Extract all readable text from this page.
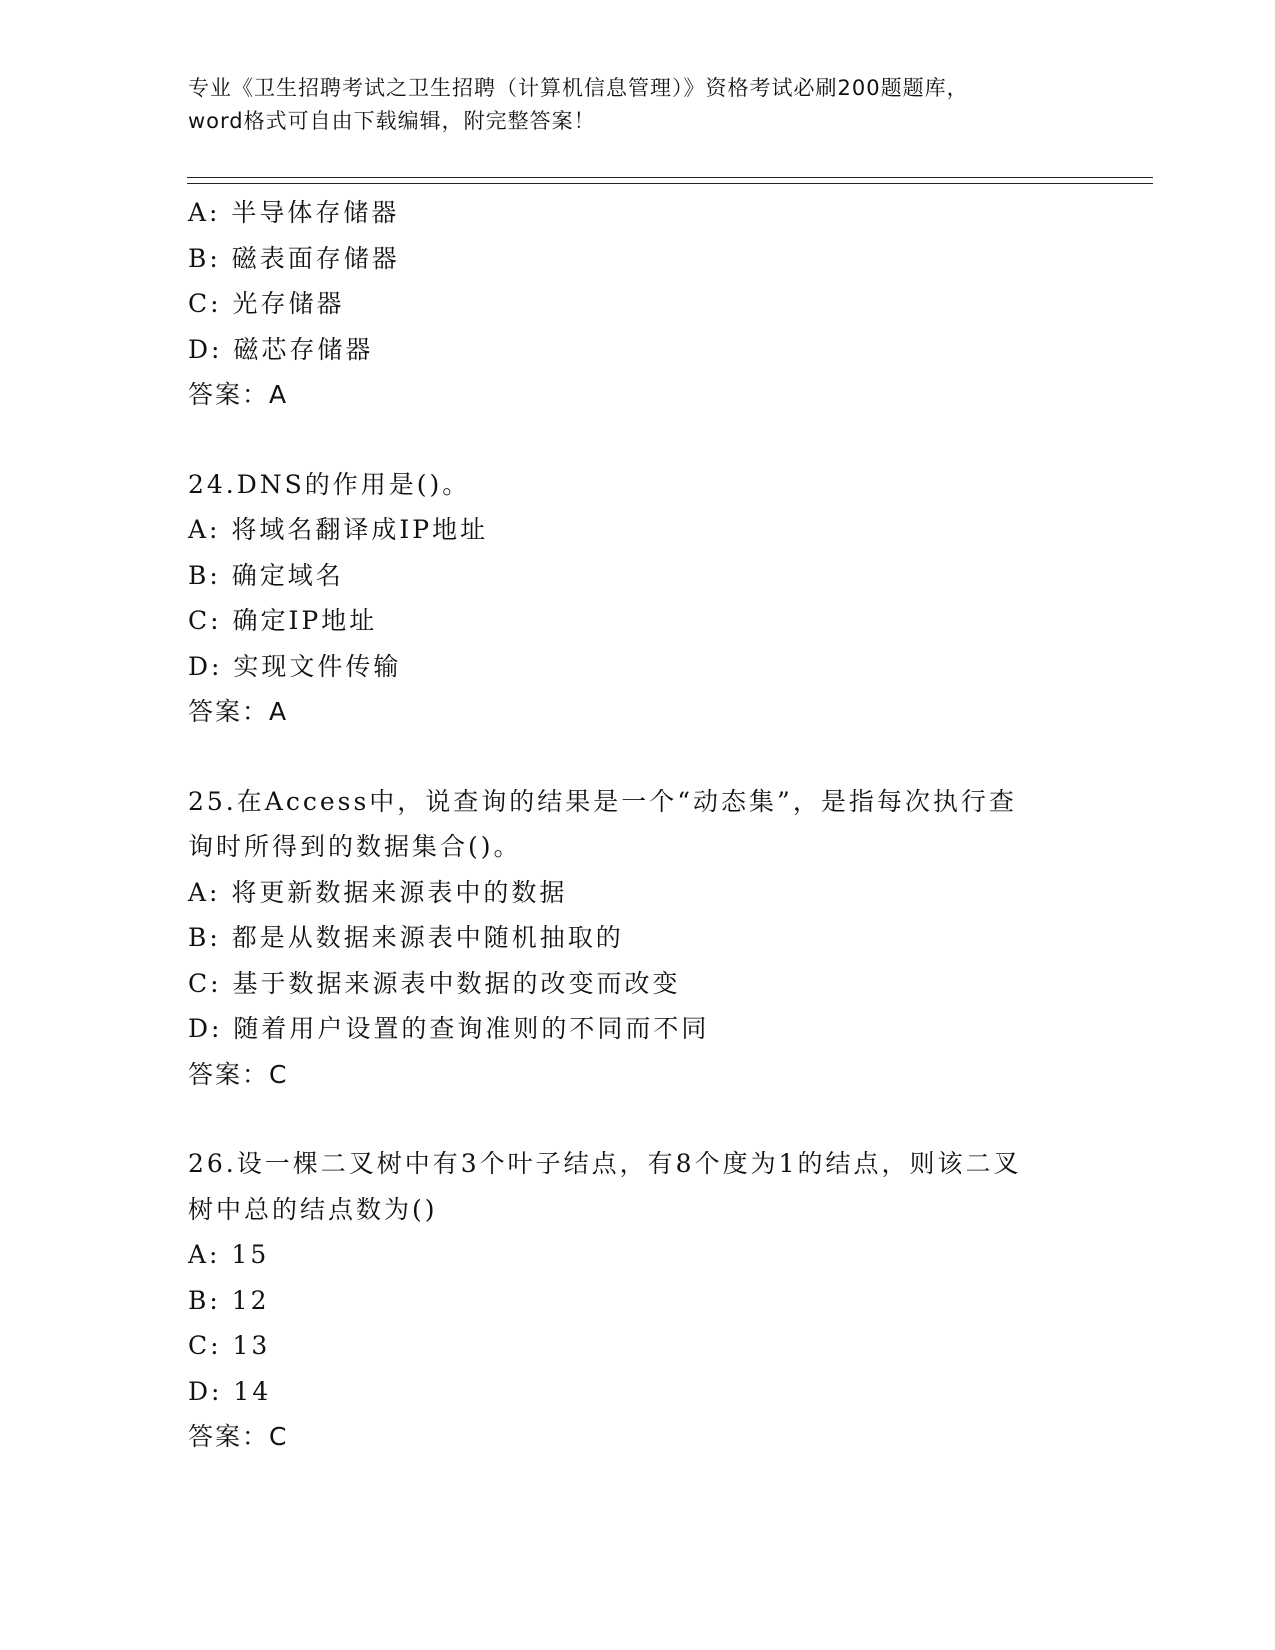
专业《卫生招聘考试之卫生招聘（计算机信息管理）》资格考试必刷200题题库，
word格式可自由下载编辑，附完整答案！
A: 半导体存储器
B: 磁表面存储器
C: 光存储器
D: 磁芯存储器
答案：A
24.DNS的作用是()。
A: 将域名翻译成IP地址
B: 确定域名
C: 确定IP地址
D: 实现文件传输
答案：A
25.在Access中，说查询的结果是一个“动态集”，是指每次执行查
询时所得到的数据集合()。
A: 将更新数据来源表中的数据
B: 都是从数据来源表中随机抽取的
C: 基于数据来源表中数据的改变而改变
D: 随着用户设置的查询准则的不同而不同
答案：C
26.设一棵二叉树中有3个叶子结点，有8个度为1的结点，则该二叉
树中总的结点数为()
A: 15
B: 12
C: 13
D: 14
答案：C
